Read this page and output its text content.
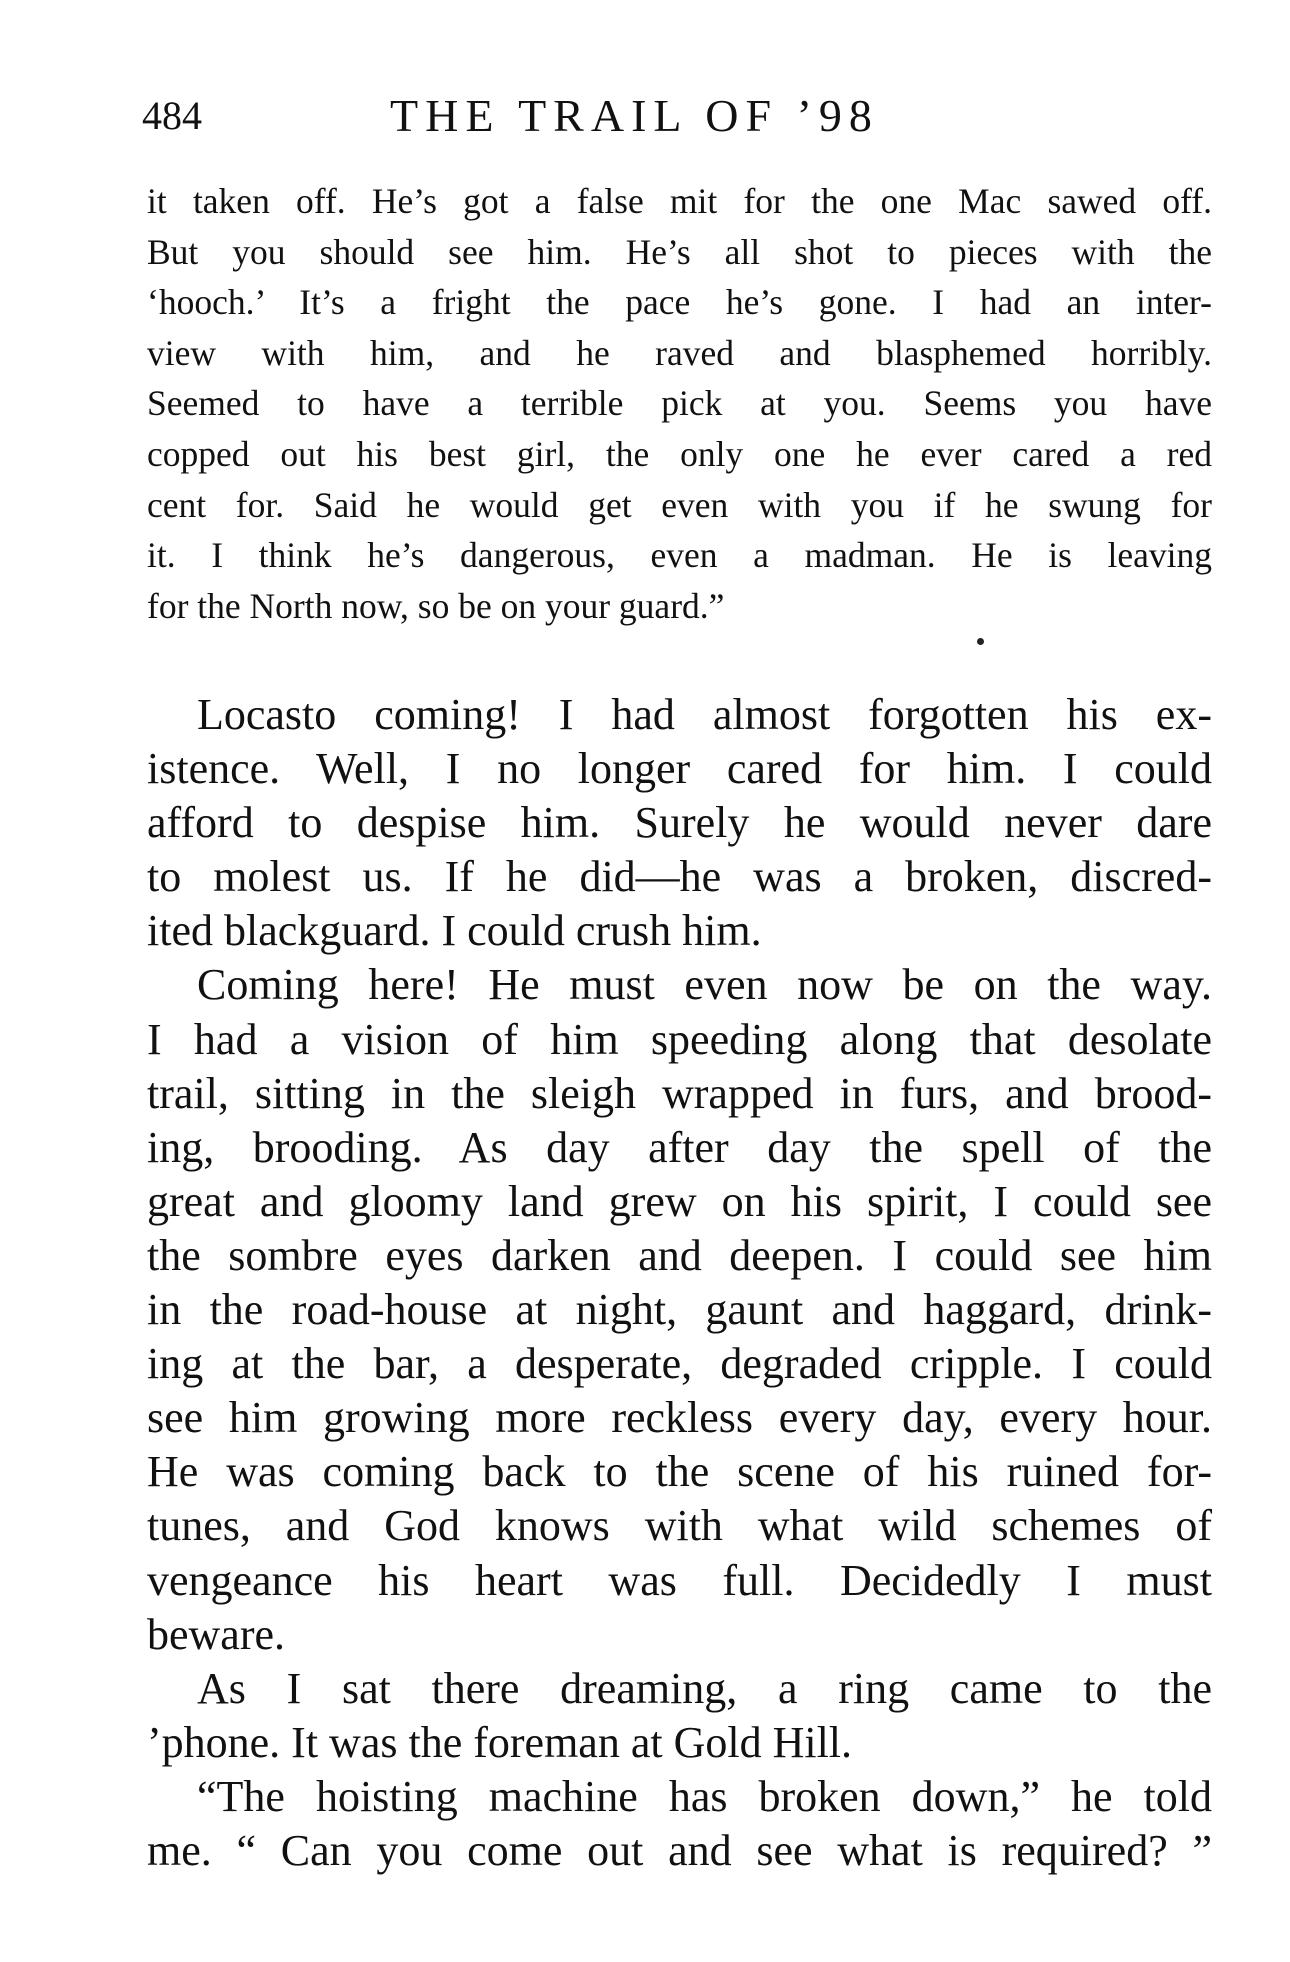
484	THE TRAIL OF ’98
it taken off. He’s got a false mit for the one Mac sawed off.
But you should see him. He’s all shot to pieces with the
‘hooch.’ It’s a fright the pace he’s gone. I had an inter-
view with him, and he raved and blasphemed horribly.
Seemed to have a terrible pick at you. Seems you have
copped out his best girl, the only one he ever cared a red
cent for. Said he would get even with you if he swung for
it. I think he’s dangerous, even a madman. He is leaving
for the North now, so be on your guard.”
Locasto coming! I had almost forgotten his ex-
istence. Well, I no longer cared for him. I could
afford to despise him. Surely he would never dare
to molest us. If he did—he was a broken, discred-
ited blackguard. I could crush him.
Coming here! He must even now be on the way.
I had a vision of him speeding along that desolate
trail, sitting in the sleigh wrapped in furs, and brood-
ing, brooding. As day after day the spell of the
great and gloomy land grew on his spirit, I could see
the sombre eyes darken and deepen. I could see him
in the road-house at night, gaunt and haggard, drink-
ing at the bar, a desperate, degraded cripple. I could
see him growing more reckless every day, every hour.
He was coming back to the scene of his ruined for-
tunes, and God knows with what wild schemes of
vengeance his heart was full. Decidedly I must
beware.
As I sat there dreaming, a ring came to the
’phone. It was the foreman at Gold Hill.
“The hoisting machine has broken down,” he told
me. “ Can you come out and see what is required? ”
